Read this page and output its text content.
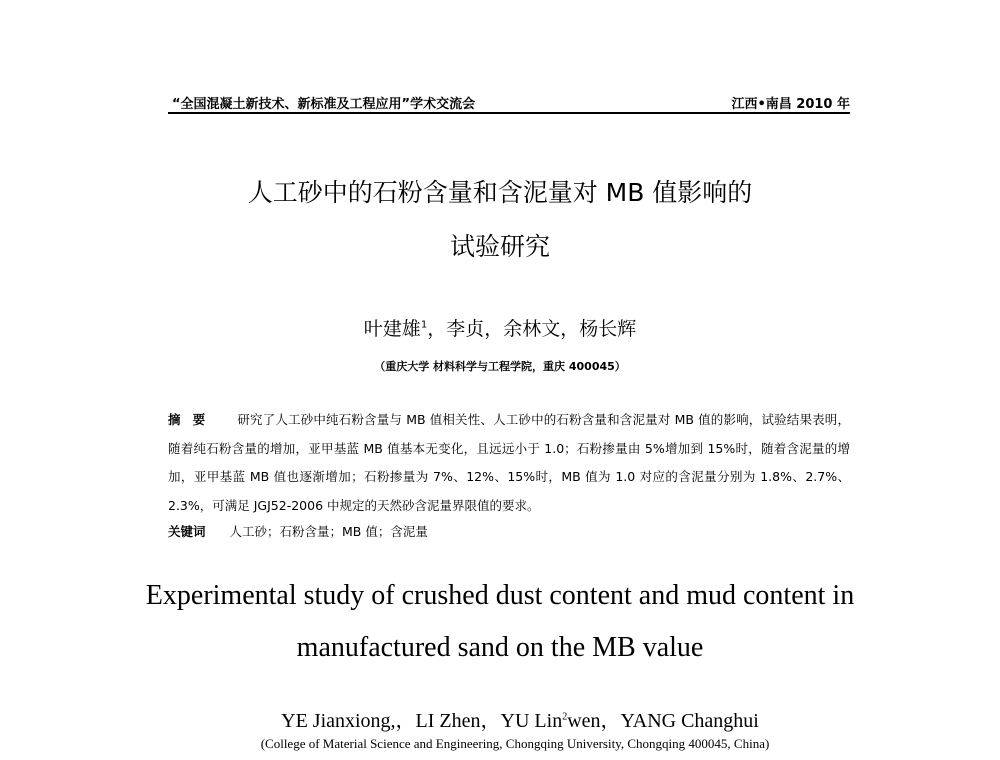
“全国混凝土新技术、新标准及工程应用”学术交流会	江西•南昌 2010 年
人工砂中的石粉含量和含泥量对 MB 值影响的
试验研究
叶建雄$^1$，李贞，余林文，杨长辉
（重庆大学 材料科学与工程学院，重庆 400045）
摘要 研究了人工砂中纯石粉含量与 MB 值相关性、人工砂中的石粉含量和含泥量对 MB 值的影响，试验结果表明，随着纯石粉含量的增加，亚甲基蓝 MB 值基本无变化，且远远小于 1.0；石粉掺量由 5%增加到 15%时，随着含泥量的增加，亚甲基蓝 MB 值也逐渐增加；石粉掺量为 7%、12%、15%时，MB 值为 1.0 对应的含泥量分别为 1.8%、2.7%、2.3%，可满足 JGJ52-2006 中规定的天然砂含泥量界限值的要求。
关键词 人工砂；石粉含量；MB 值；含泥量
Experimental study of crushed dust content and mud content in
manufactured sand on the MB value
YE Jianxiong,，LI Zhen，YU Lin$^2$wen，YANG Changhui
(College of Material Science and Engineering, Chongqing University, Chongqing 400045, China)
